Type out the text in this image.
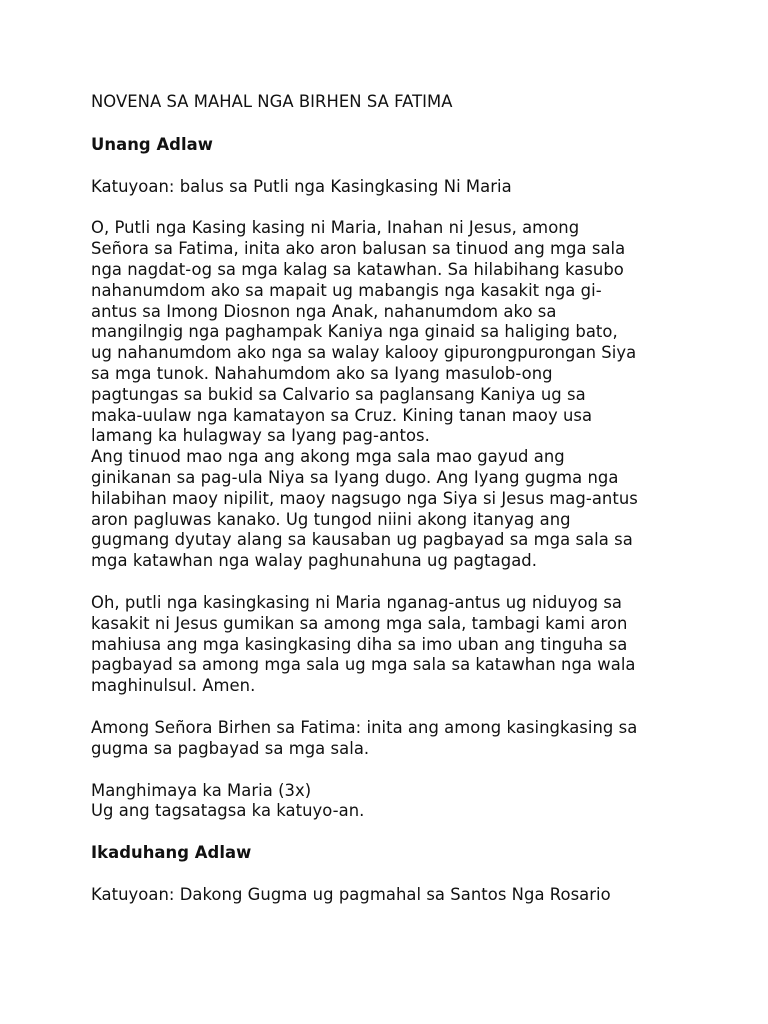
NOVENA SA MAHAL NGA BIRHEN SA FATIMA
Unang Adlaw
Katuyoan: balus sa Putli nga Kasingkasing Ni Maria
O, Putli nga Kasing kasing ni Maria, Inahan ni Jesus, among
Señora sa Fatima, inita ako aron balusan sa tinuod ang mga sala
nga nagdat-og sa mga kalag sa katawhan. Sa hilabihang kasubo
nahanumdom ako sa mapait ug mabangis nga kasakit nga gi-
antus sa Imong Diosnon nga Anak, nahanumdom ako sa
mangilngig nga paghampak Kaniya nga ginaid sa haliging bato,
ug nahanumdom ako nga sa walay kalooy gipurongpurongan Siya
sa mga tunok. Nahahumdom ako sa Iyang masulob-ong
pagtungas sa bukid sa Calvario sa paglansang Kaniya ug sa
maka-uulaw nga kamatayon sa Cruz. Kining tanan maoy usa
lamang ka hulagway sa Iyang pag-antos.
Ang tinuod mao nga ang akong mga sala mao gayud ang
ginikanan sa pag-ula Niya sa Iyang dugo. Ang Iyang gugma nga
hilabihan maoy nipilit, maoy nagsugo nga Siya si Jesus mag-antus
aron pagluwas kanako. Ug tungod niini akong itanyag ang
gugmang dyutay alang sa kausaban ug pagbayad sa mga sala sa
mga katawhan nga walay paghunahuna ug pagtagad.
Oh, putli nga kasingkasing ni Maria nganag-antus ug niduyog sa
kasakit ni Jesus gumikan sa among mga sala, tambagi kami aron
mahiusa ang mga kasingkasing diha sa imo uban ang tinguha sa
pagbayad sa among mga sala ug mga sala sa katawhan nga wala
maghinulsul. Amen.
Among Señora Birhen sa Fatima: inita ang among kasingkasing sa
gugma sa pagbayad sa mga sala.
Manghimaya ka Maria (3x)
Ug ang tagsatagsa ka katuyo-an.
Ikaduhang Adlaw
Katuyoan: Dakong Gugma ug pagmahal sa Santos Nga Rosario
